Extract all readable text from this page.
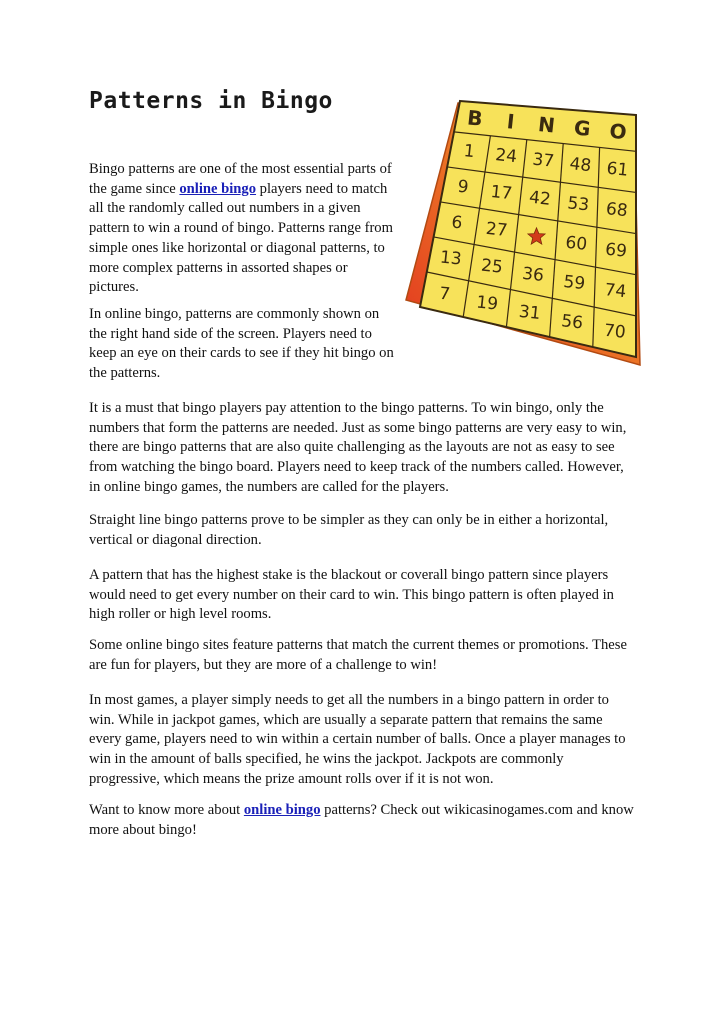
Patterns in Bingo

Bingo patterns are one of the most essential parts of the game since online bingo players need to match all the randomly called out numbers in a given pattern to win a round of bingo. Patterns range from simple ones like horizontal or diagonal patterns, to more complex patterns in assorted shapes or pictures.

In online bingo, patterns are commonly shown on the right hand side of the screen. Players need to keep an eye on their cards to see if they hit bingo on the patterns.

It is a must that bingo players pay attention to the bingo patterns. To win bingo, only the numbers that form the patterns are needed. Just as some bingo patterns are very easy to win, there are bingo patterns that are also quite challenging as the layouts are not as easy to see from watching the bingo board. Players need to keep track of the numbers called. However, in online bingo games, the numbers are called for the players.

Straight line bingo patterns prove to be simpler as they can only be in either a horizontal, vertical or diagonal direction.

A pattern that has the highest stake is the blackout or coverall bingo pattern since players would need to get every number on their card to win. This bingo pattern is often played in high roller or high level rooms.

Some online bingo sites feature patterns that match the current themes or promotions. These are fun for players, but they are more of a challenge to win!

In most games, a player simply needs to get all the numbers in a bingo pattern in order to win. While in jackpot games, which are usually a separate pattern that remains the same every game, players need to win within a certain number of balls. Once a player manages to win in the amount of balls specified, he wins the jackpot. Jackpots are commonly progressive, which means the prize amount rolls over if it is not won.

Want to know more about online bingo patterns? Check out wikicasinogames.com and know more about bingo!

B I N G O
1 24 37 48 61
9 17 42 53 68
6 27
60 69
13 25 36 59 74
7 19 31 56 70
